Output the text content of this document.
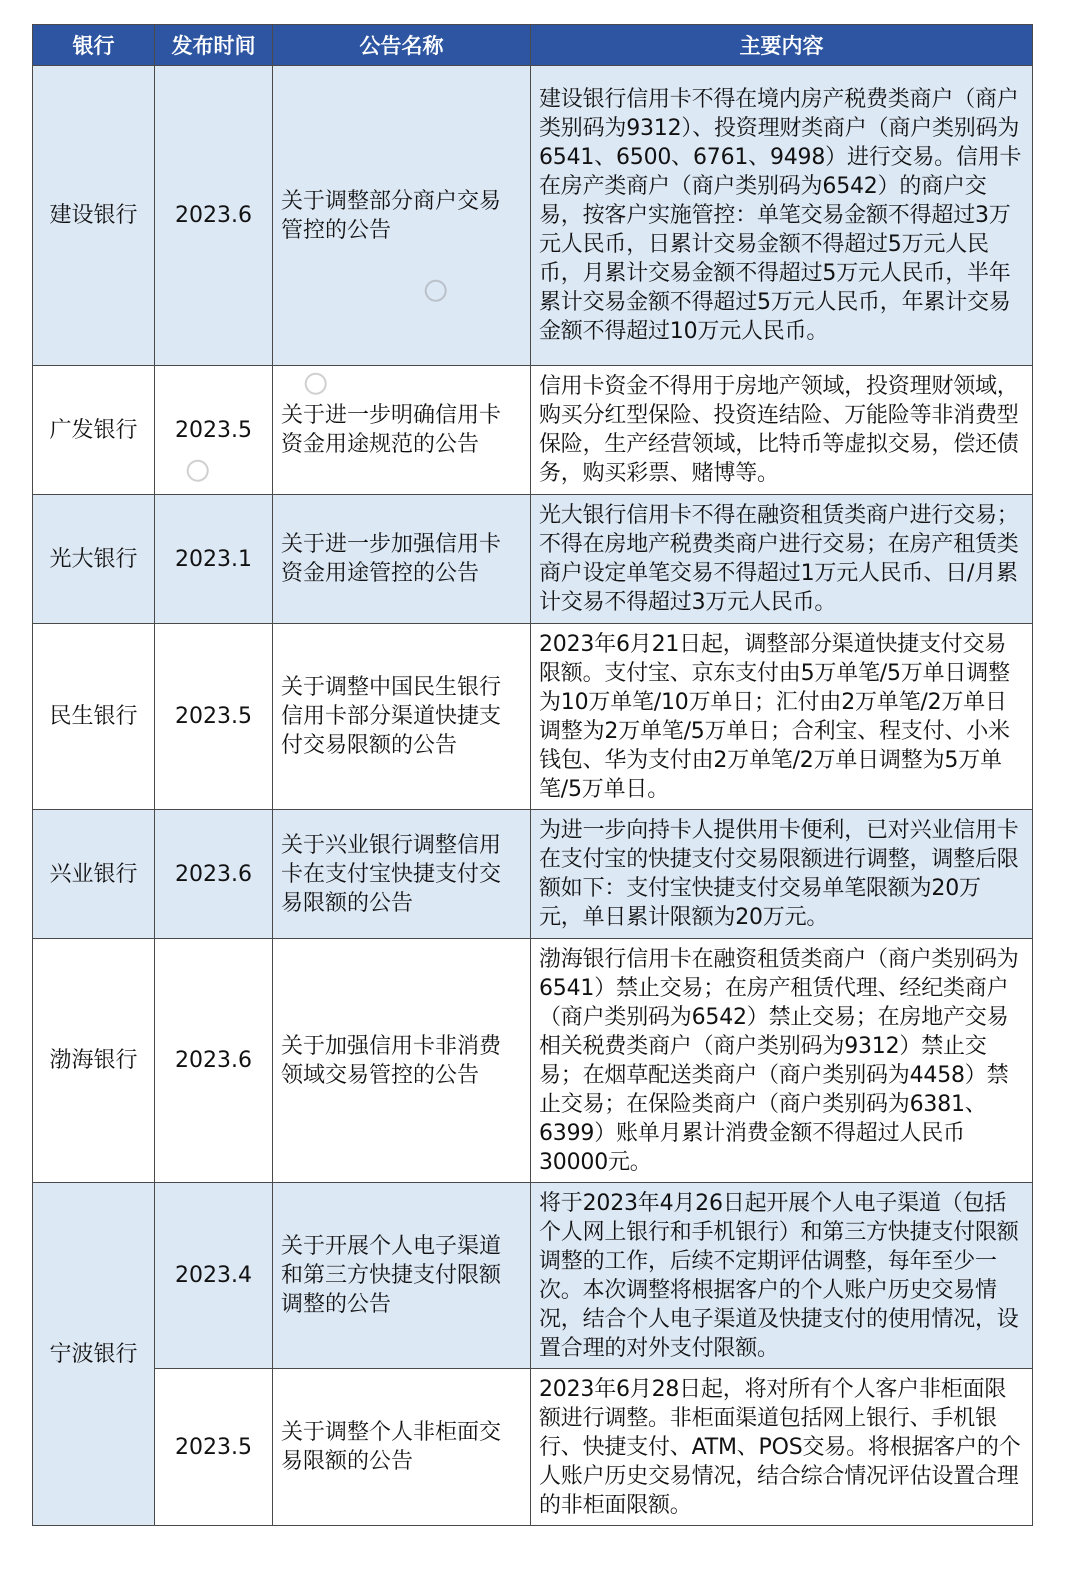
银行	发布时间	公告名称	主要内容
建设银行	2023.6	关于调整部分商户交易管控的公告	建设银行信用卡不得在境内房产税费类商户（商户类别码为9312）、投资理财类商户（商户类别码为6541、6500、6761、9498）进行交易。信用卡在房产类商户（商户类别码为6542）的商户交易，按客户实施管控：单笔交易金额不得超过3万元人民币，日累计交易金额不得超过5万元人民币，月累计交易金额不得超过5万元人民币，半年累计交易金额不得超过5万元人民币，年累计交易金额不得超过10万元人民币。
广发银行	2023.5	关于进一步明确信用卡资金用途规范的公告	信用卡资金不得用于房地产领域，投资理财领域，购买分红型保险、投资连结险、万能险等非消费型保险，生产经营领域，比特币等虚拟交易，偿还债务，购买彩票、赌博等。
光大银行	2023.1	关于进一步加强信用卡资金用途管控的公告	光大银行信用卡不得在融资租赁类商户进行交易；不得在房地产税费类商户进行交易；在房产租赁类商户设定单笔交易不得超过1万元人民币、日/月累计交易不得超过3万元人民币。
民生银行	2023.5	关于调整中国民生银行信用卡部分渠道快捷支付交易限额的公告	2023年6月21日起，调整部分渠道快捷支付交易限额。支付宝、京东支付由5万单笔/5万单日调整为10万单笔/10万单日；汇付由2万单笔/2万单日调整为2万单笔/5万单日；合利宝、程支付、小米钱包、华为支付由2万单笔/2万单日调整为5万单笔/5万单日。
兴业银行	2023.6	关于兴业银行调整信用卡在支付宝快捷支付交易限额的公告	为进一步向持卡人提供用卡便利，已对兴业信用卡在支付宝的快捷支付交易限额进行调整，调整后限额如下：支付宝快捷支付交易单笔限额为20万元，单日累计限额为20万元。
渤海银行	2023.6	关于加强信用卡非消费领域交易管控的公告	渤海银行信用卡在融资租赁类商户（商户类别码为6541）禁止交易；在房产租赁代理、经纪类商户（商户类别码为6542）禁止交易；在房地产交易相关税费类商户（商户类别码为9312）禁止交易；在烟草配送类商户（商户类别码为4458）禁止交易；在保险类商户（商户类别码为6381、6399）账单月累计消费金额不得超过人民币30000元。
宁波银行	2023.4	关于开展个人电子渠道和第三方快捷支付限额调整的公告	将于2023年4月26日起开展个人电子渠道（包括个人网上银行和手机银行）和第三方快捷支付限额调整的工作，后续不定期评估调整，每年至少一次。本次调整将根据客户的个人账户历史交易情况，结合个人电子渠道及快捷支付的使用情况，设置合理的对外支付限额。
	2023.5	关于调整个人非柜面交易限额的公告	2023年6月28日起，将对所有个人客户非柜面限额进行调整。非柜面渠道包括网上银行、手机银行、快捷支付、ATM、POS交易。将根据客户的个人账户历史交易情况，结合综合情况评估设置合理的非柜面限额。
